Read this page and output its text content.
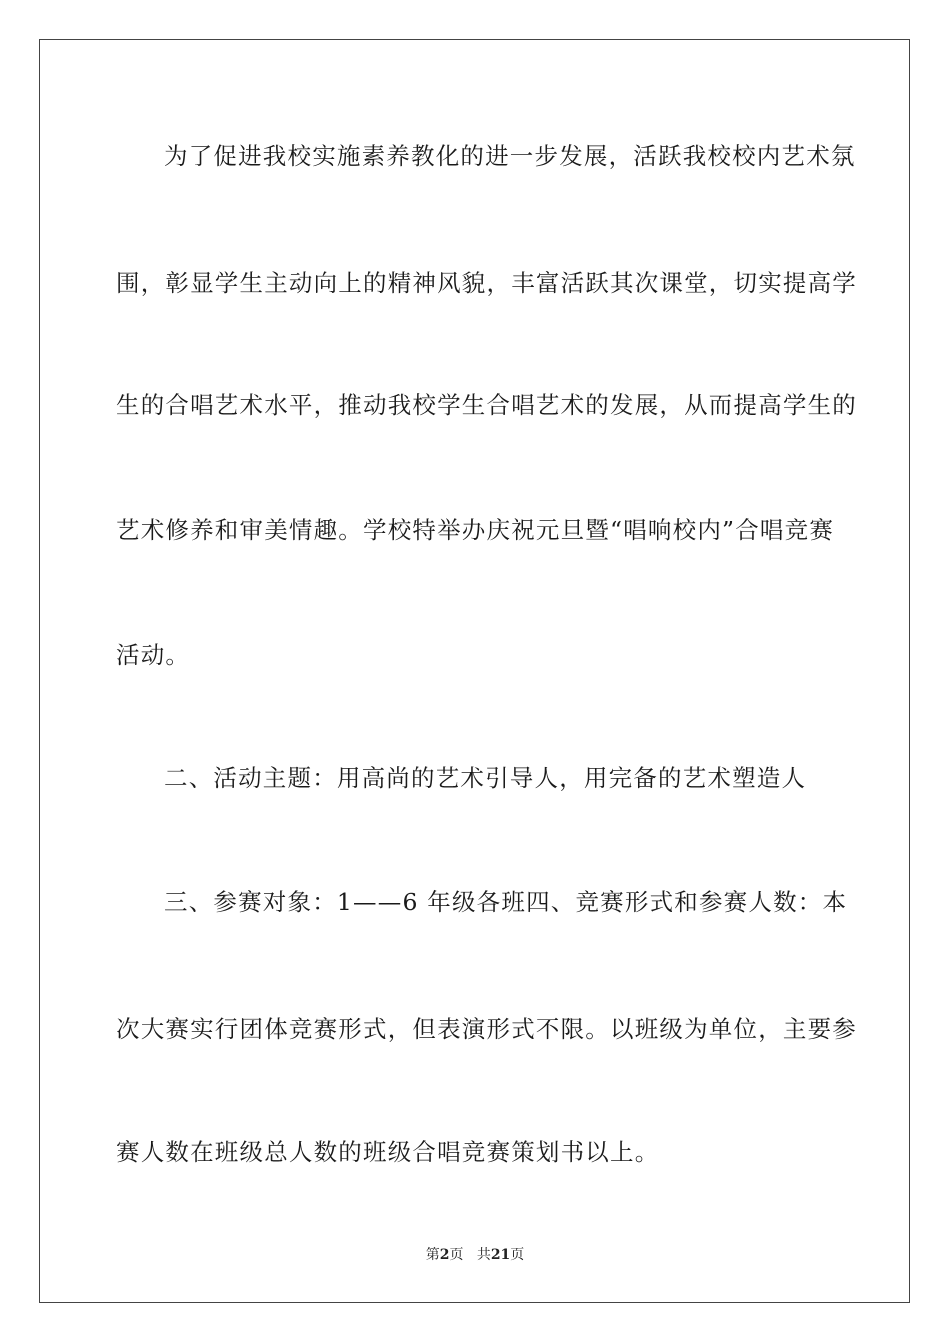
为了促进我校实施素养教化的进一步发展，活跃我校校内艺术氛

围，彰显学生主动向上的精神风貌，丰富活跃其次课堂，切实提高学

生的合唱艺术水平，推动我校学生合唱艺术的发展，从而提高学生的

艺术修养和审美情趣。学校特举办庆祝元旦暨“唱响校内”合唱竞赛

活动。

二、活动主题：用高尚的艺术引导人，用完备的艺术塑造人

三、参赛对象：1——6 年级各班四、竞赛形式和参赛人数：本

次大赛实行团体竞赛形式，但表演形式不限。以班级为单位，主要参

赛人数在班级总人数的班级合唱竞赛策划书以上。

第2页 共21页
